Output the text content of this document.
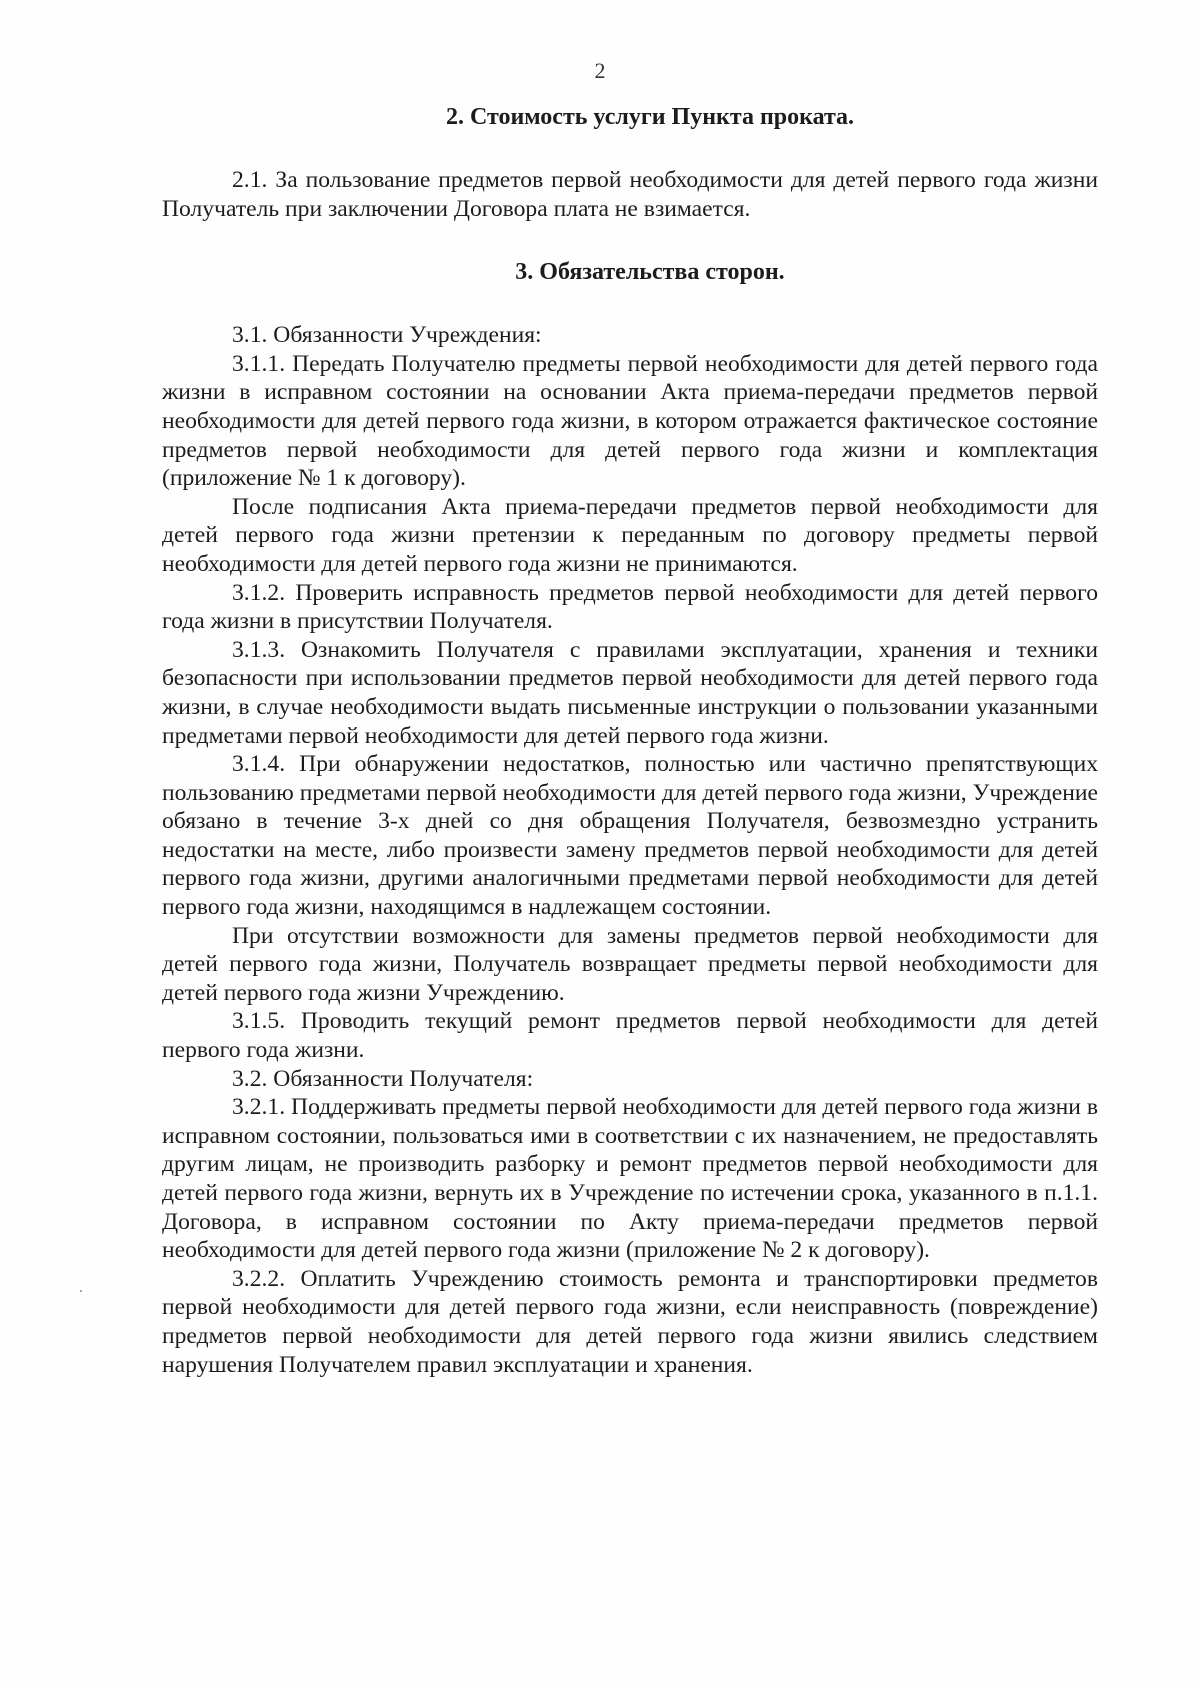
2
2. Стоимость услуги Пункта проката.

2.1. За пользование предметов первой необходимости для детей первого года жизни Получатель при заключении Договора плата не взимается.

3. Обязательства сторон.

3.1. Обязанности Учреждения:

3.1.1. Передать Получателю предметы первой необходимости для детей первого года жизни в исправном состоянии на основании Акта приема-передачи предметов первой необходимости для детей первого года жизни, в котором отражается фактическое состояние предметов первой необходимости для детей первого года жизни и комплектация (приложение № 1 к договору).

После подписания Акта приема-передачи предметов первой необходимости для детей первого года жизни претензии к переданным по договору предметы первой необходимости для детей первого года жизни не принимаются.

3.1.2. Проверить исправность предметов первой необходимости для детей первого года жизни в присутствии Получателя.

3.1.3. Ознакомить Получателя с правилами эксплуатации, хранения и техники безопасности при использовании предметов первой необходимости для детей первого года жизни, в случае необходимости выдать письменные инструкции о пользовании указанными предметами первой необходимости для детей первого года жизни.

3.1.4. При обнаружении недостатков, полностью или частично препятствующих пользованию предметами первой необходимости для детей первого года жизни, Учреждение обязано в течение 3-х дней со дня обращения Получателя, безвозмездно устранить недостатки на месте, либо произвести замену предметов первой необходимости для детей первого года жизни, другими аналогичными предметами первой необходимости для детей первого года жизни, находящимся в надлежащем состоянии.

При отсутствии возможности для замены предметов первой необходимости для детей первого года жизни, Получатель возвращает предметы первой необходимости для детей первого года жизни Учреждению.

3.1.5. Проводить текущий ремонт предметов первой необходимости для детей первого года жизни.

3.2. Обязанности Получателя:

3.2.1. Поддерживать предметы первой необходимости для детей первого года жизни в исправном состоянии, пользоваться ими в соответствии с их назначением, не предоставлять другим лицам, не производить разборку и ремонт предметов первой необходимости для детей первого года жизни, вернуть их в Учреждение по истечении срока, указанного в п.1.1. Договора, в исправном состоянии по Акту приема-передачи предметов первой необходимости для детей первого года жизни (приложение № 2 к договору).

3.2.2. Оплатить Учреждению стоимость ремонта и транспортировки предметов первой необходимости для детей первого года жизни, если неисправность (повреждение) предметов первой необходимости для детей первого года жизни явились следствием нарушения Получателем правил эксплуатации и хранения.
